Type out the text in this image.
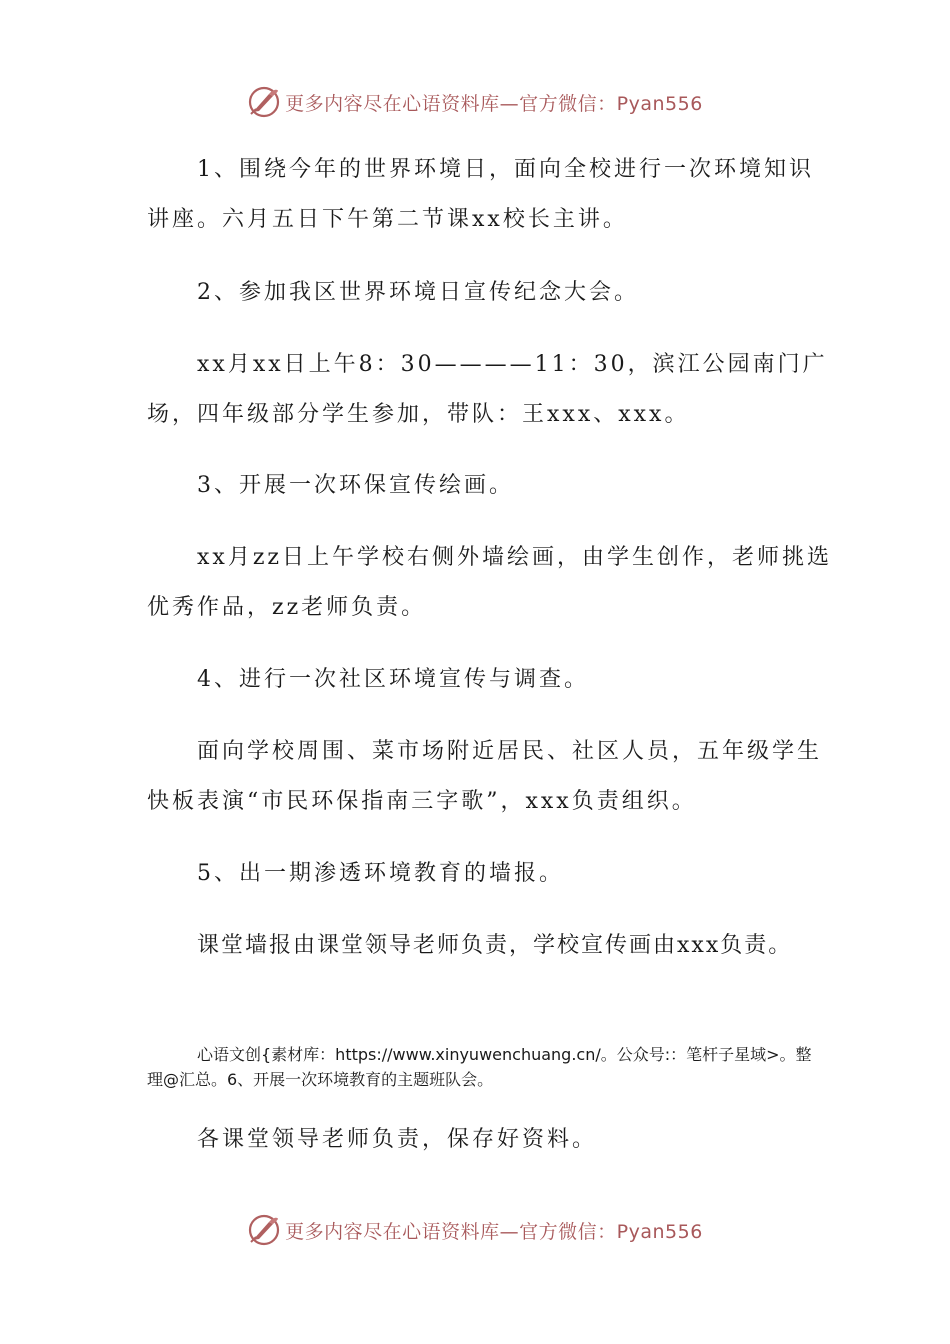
更多内容尽在心语资料库—官方微信：Pyan556

1、围绕今年的世界环境日，面向全校进行一次环境知识讲座。六月五日下午第二节课xx校长主讲。

2、参加我区世界环境日宣传纪念大会。

xx月xx日上午8：30————11：30，滨江公园南门广场，四年级部分学生参加，带队：王xxx、xxx。

3、开展一次环保宣传绘画。

xx月zz日上午学校右侧外墙绘画，由学生创作，老师挑选优秀作品，zz老师负责。

4、进行一次社区环境宣传与调查。

面向学校周围、菜市场附近居民、社区人员，五年级学生快板表演“市民环保指南三字歌”，xxx负责组织。

5、出一期渗透环境教育的墙报。

课堂墙报由课堂领导老师负责，学校宣传画由xxx负责。

心语文创{素材库：https://www.xinyuwenchuang.cn/。公众号:：笔杆子星域>。整理@汇总。6、开展一次环境教育的主题班队会。

各课堂领导老师负责，保存好资料。

更多内容尽在心语资料库—官方微信：Pyan556
